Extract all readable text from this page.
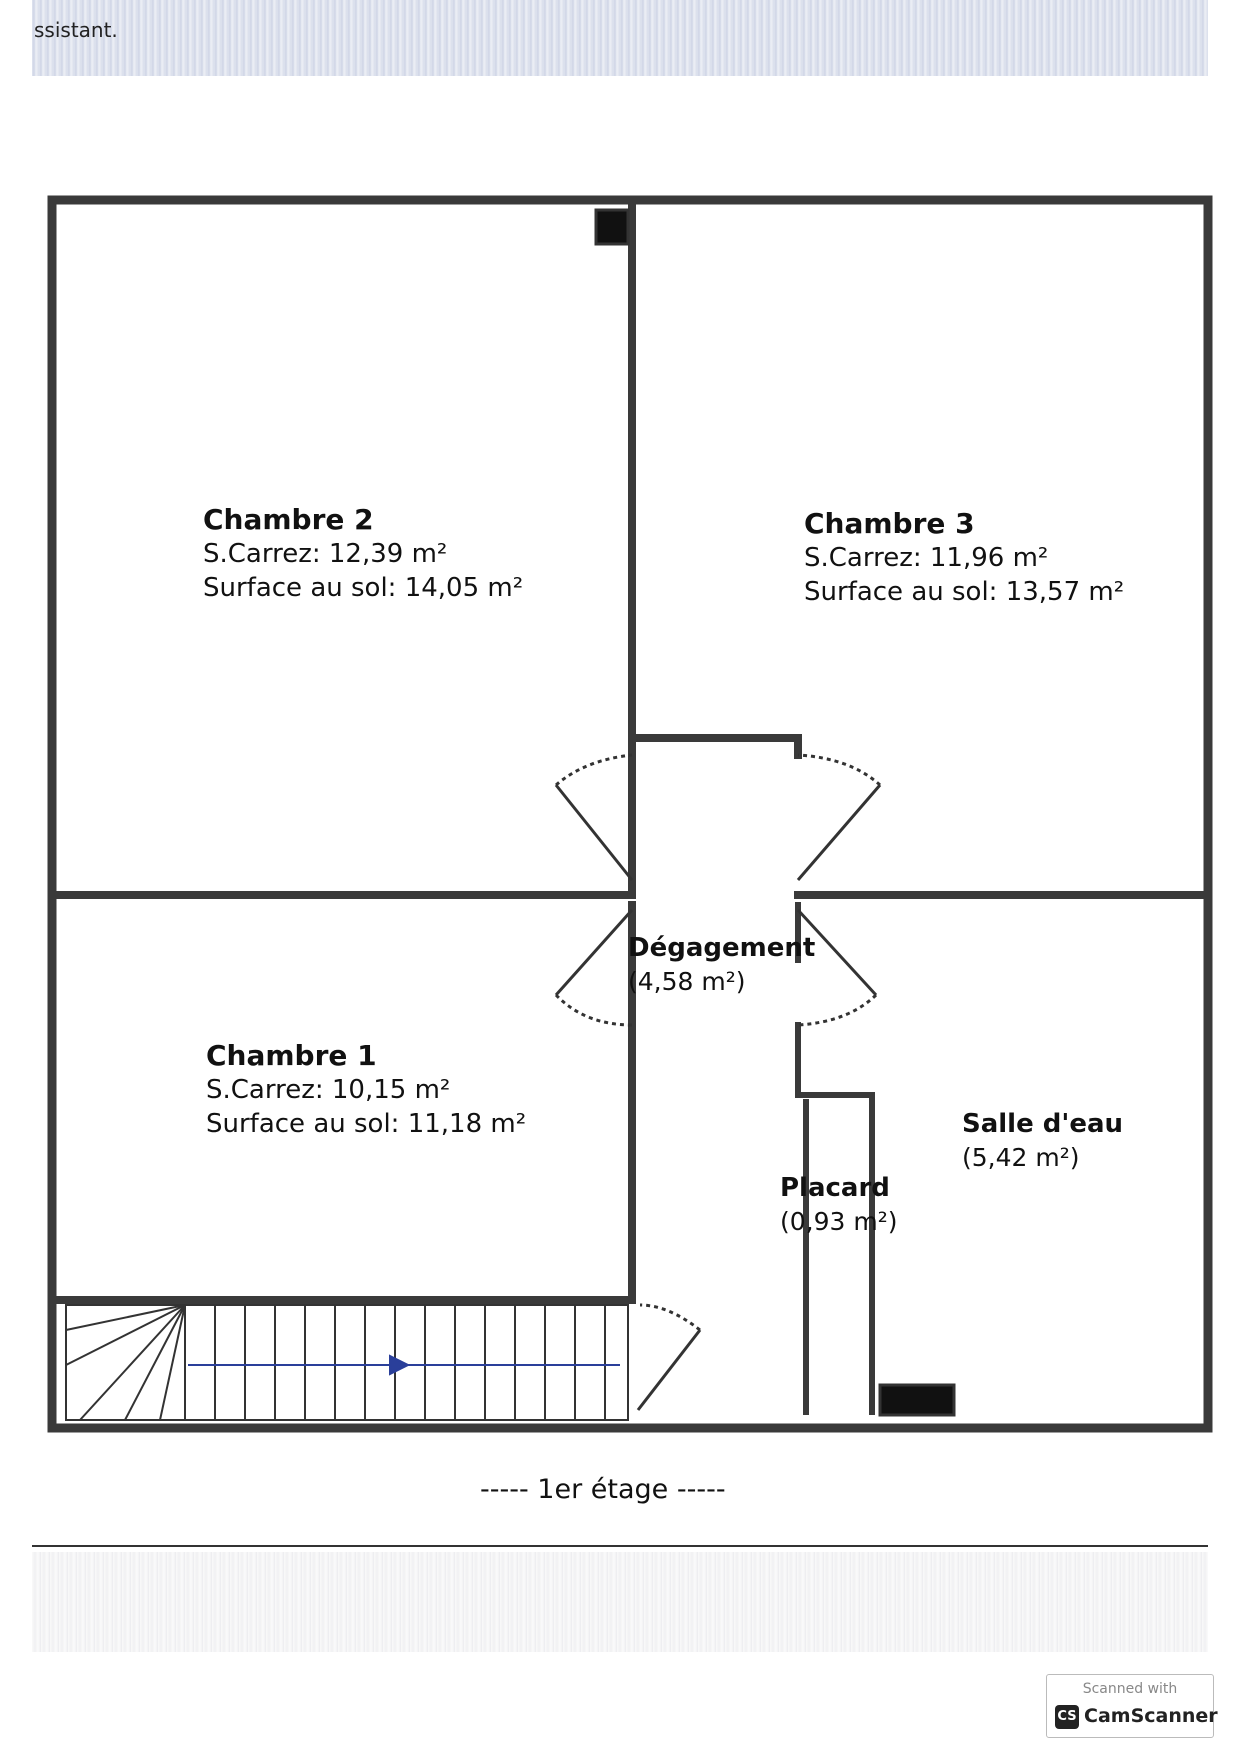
ssistant.
Chambre 2
S.Carrez: 12,39 m²
Surface au sol: 14,05 m²
Chambre 3
S.Carrez: 11,96 m²
Surface au sol: 13,57 m²
Chambre 1
S.Carrez: 10,15 m²
Surface au sol: 11,18 m²
Dégagement
(4,58 m²)
Salle d'eau
(5,42 m²)
Placard
(0,93 m²)
----- 1er étage -----
Scanned with
CS CamScanner
